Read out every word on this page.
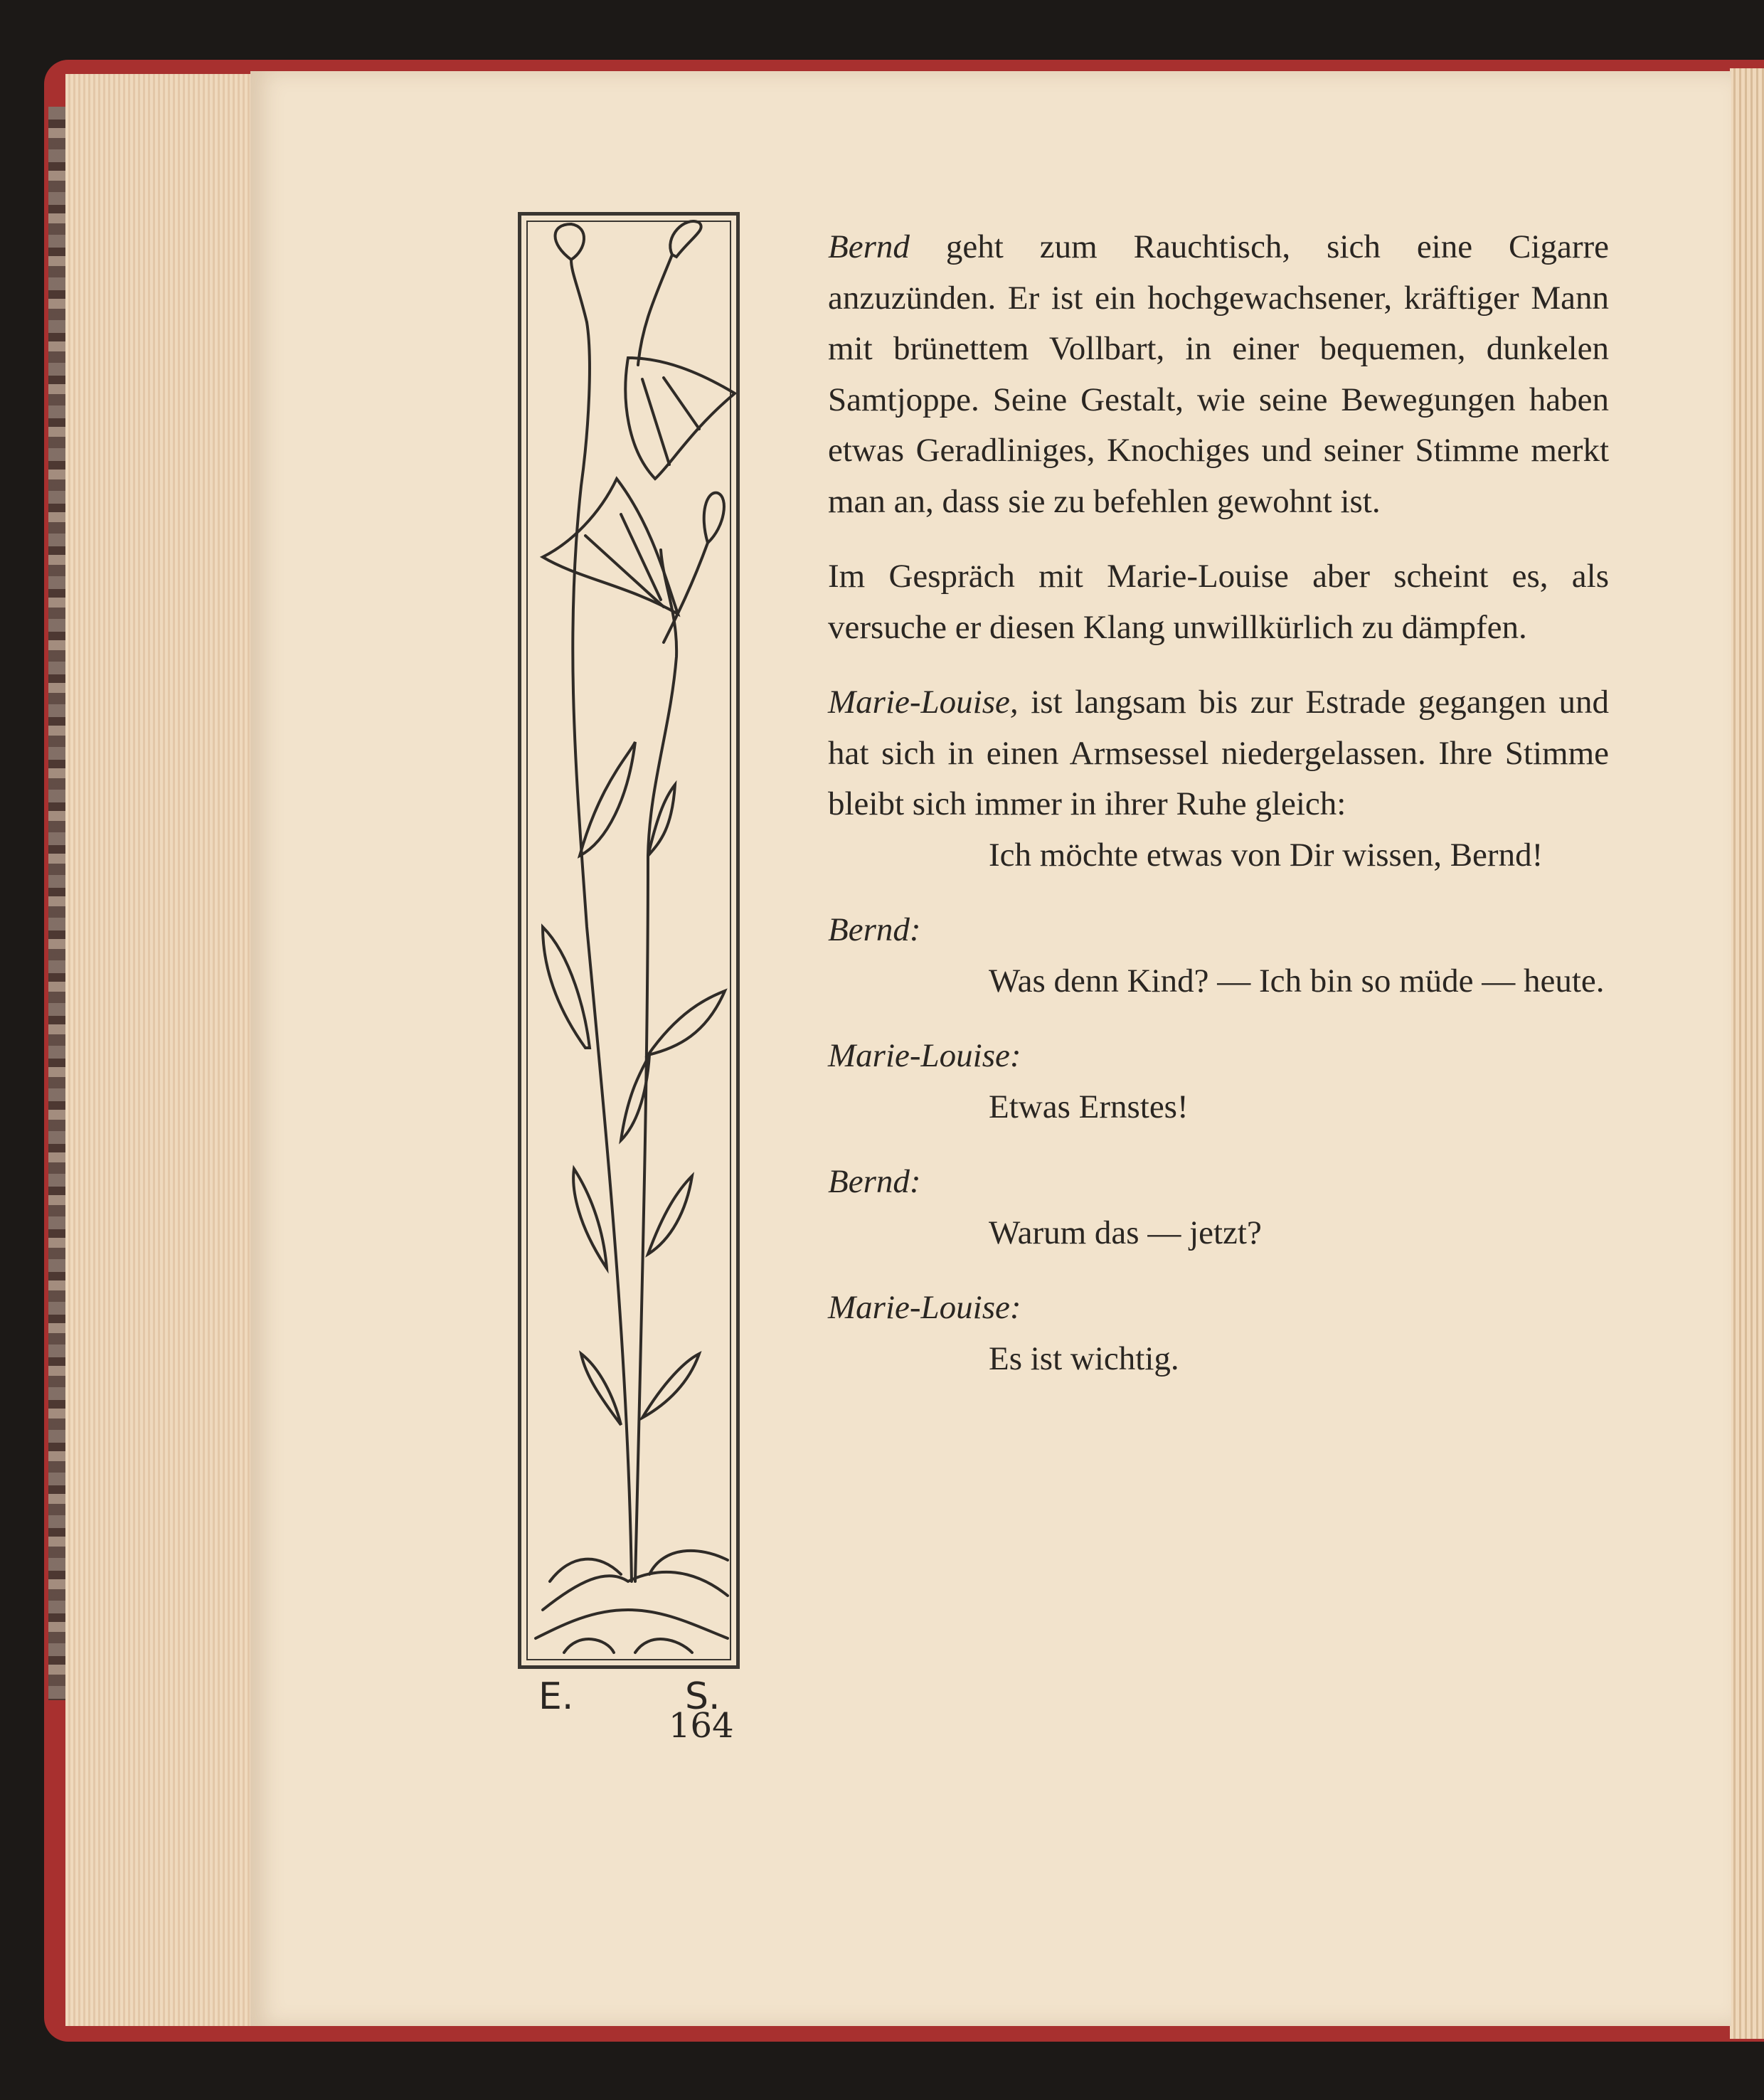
E.	S.

Bernd geht zum Rauchtisch, sich eine Cigarre anzuzünden. Er ist ein hochgewachsener, kräftiger Mann mit brünettem Vollbart, in einer bequemen, dunkelen Samtjoppe. Seine Gestalt, wie seine Bewegungen haben etwas Geradliniges, Knochiges und seiner Stimme merkt man an, dass sie zu befehlen gewohnt ist.

Im Gespräch mit Marie-Louise aber scheint es, als versuche er diesen Klang unwillkürlich zu dämpfen.

Marie-Louise, ist langsam bis zur Estrade gegangen und hat sich in einen Armsessel niedergelassen. Ihre Stimme bleibt sich immer in ihrer Ruhe gleich:

Ich möchte etwas von Dir wissen, Bernd!

Bernd:

Was denn Kind? — Ich bin so müde — heute.

Marie-Louise:

Etwas Ernstes!

Bernd:

Warum das — jetzt?

Marie-Louise:

Es ist wichtig.

164
